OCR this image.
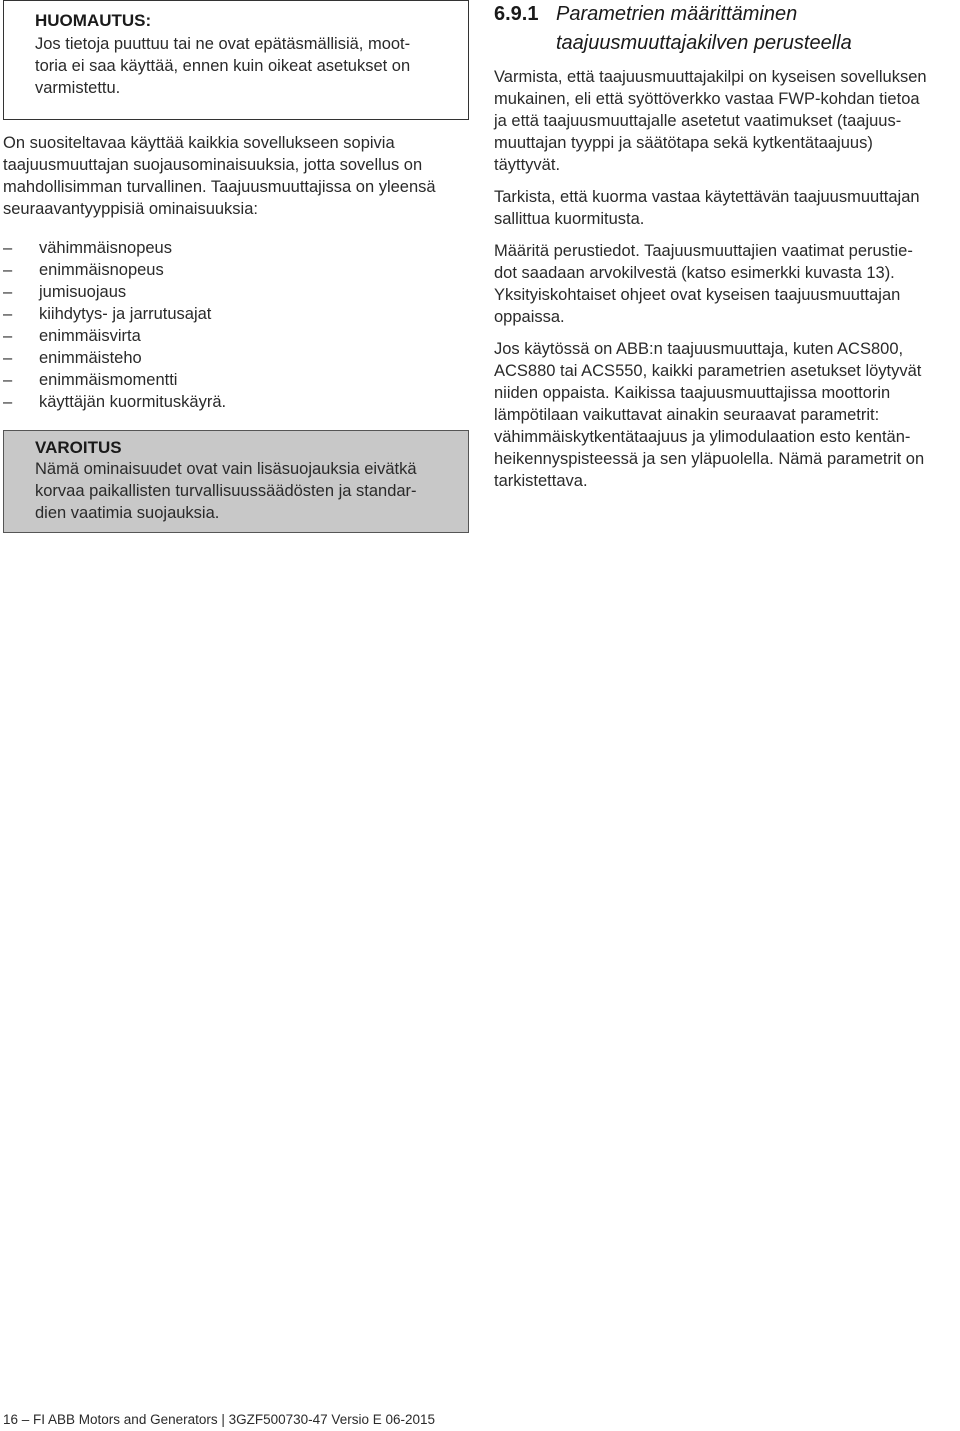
HUOMAUTUS:

Jos tietoja puuttuu tai ne ovat epätäsmällisiä, moot-
toria ei saa käyttää, ennen kuin oikeat asetukset on
varmistettu.

On suositeltavaa käyttää kaikkia sovellukseen sopivia
taajuusmuuttajan suojausominaisuuksia, jotta sovellus on
mahdollisimman turvallinen. Taajuusmuuttajissa on yleensä
seuraavantyyppisiä ominaisuuksia:

– vähimmäisnopeus
– enimmäisnopeus
– jumisuojaus
– kiihdytys- ja jarrutusajat
– enimmäisvirta
– enimmäisteho
– enimmäismomentti
– käyttäjän kuormituskäyrä.

VAROITUS

Nämä ominaisuudet ovat vain lisäsuojauksia eivätkä
korvaa paikallisten turvallisuussäädösten ja standar-
dien vaatimia suojauksia.

6.9.1 Parametrien määrittäminen
taajuusmuuttajakilven perusteella

Varmista, että taajuusmuuttajakilpi on kyseisen sovelluksen
mukainen, eli että syöttöverkko vastaa FWP-kohdan tietoa
ja että taajuusmuuttajalle asetetut vaatimukset (taajuus-
muuttajan tyyppi ja säätötapa sekä kytkentätaajuus)
täyttyvät.

Tarkista, että kuorma vastaa käytettävän taajuusmuuttajan
sallittua kuormitusta.

Määritä perustiedot. Taajuusmuuttajien vaatimat perustie-
dot saadaan arvokilvestä (katso esimerkki kuvasta 13).
Yksityiskohtaiset ohjeet ovat kyseisen taajuusmuuttajan
oppaissa.

Jos käytössä on ABB:n taajuusmuuttaja, kuten ACS800,
ACS880 tai ACS550, kaikki parametrien asetukset löytyvät
niiden oppaista. Kaikissa taajuusmuuttajissa moottorin
lämpötilaan vaikuttavat ainakin seuraavat parametrit:
vähimmäiskytkentätaajuus ja ylimodulaation esto kentän-
heikennyspisteessä ja sen yläpuolella. Nämä parametrit on
tarkistettava.

16 – FI ABB Motors and Generators | 3GZF500730-47 Versio E 06-2015
